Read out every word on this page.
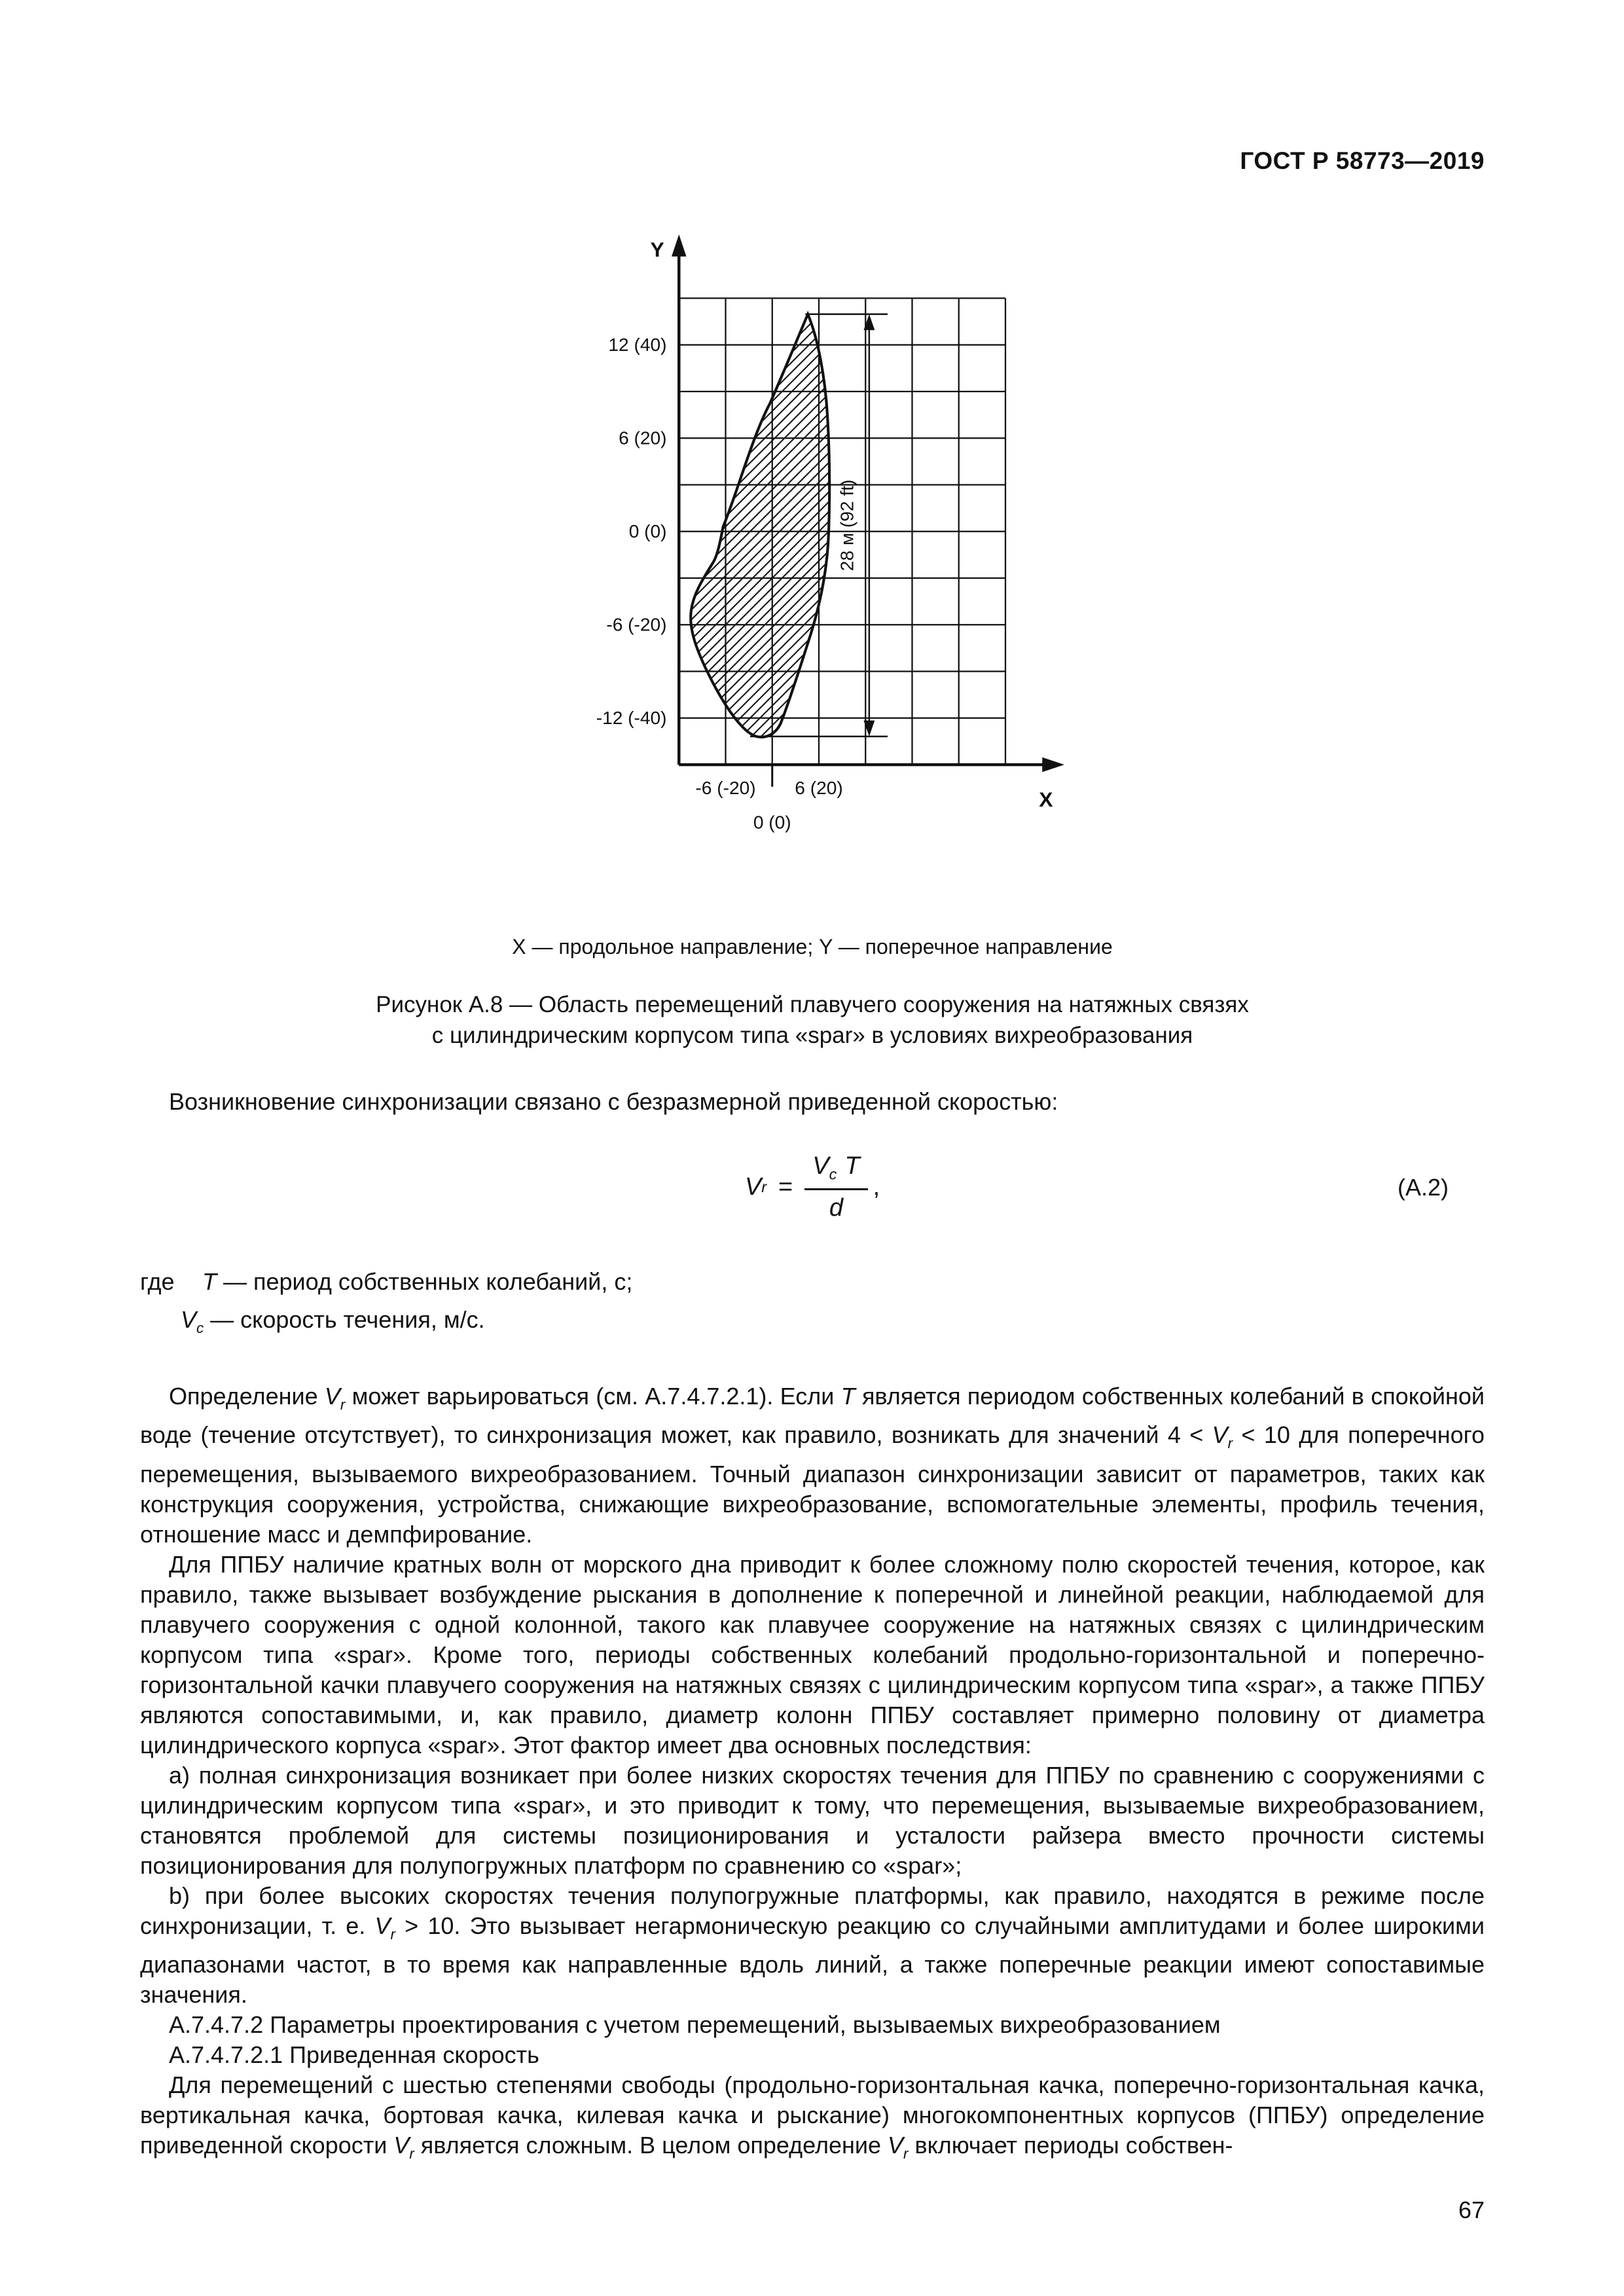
ГОСТ Р 58773—2019
28 м (92 ft)
12 (40)
6 (20)
0 (0)
-6 (-20)
-12 (-40)
-6 (-20)	6 (20)
0 (0)
Y
X
X — продольное направление; Y — поперечное направление
Рисунок А.8 — Область перемещений плавучего сооружения на натяжных связях
с цилиндрическим корпусом типа «spar» в условиях вихреобразования

Возникновение синхронизации связано с безразмерной приведенной скоростью:

V $r = \frac{V_c T}{d}$ ,	(А.2)

где Т — период собственных колебаний, с;

$V_с$ — скорость течения, м/с.

Определение $V_r$ может варьироваться (см. А.7.4.7.2.1). Если Т является периодом собственных колебаний в спокойной воде (течение отсутствует), то синхронизация может, как правило, возникать для значений $4 < V_r < 10$ для поперечного перемещения, вызываемого вихреобразованием. Точный диапазон синхронизации зависит от параметров, таких как конструкция сооружения, устройства, снижающие вихреобразование, вспомогательные элементы, профиль течения, отношение масс и демпфирование.

Для ППБУ наличие кратных волн от морского дна приводит к более сложному полю скоростей течения, которое, как правило, также вызывает возбуждение рыскания в дополнение к поперечной и линейной реакции, наблюдаемой для плавучего сооружения с одной колонной, такого как плавучее сооружение на натяжных связях с цилиндрическим корпусом типа «spar». Кроме того, периоды собственных колебаний продольно-горизонтальной и поперечно-горизонтальной качки плавучего сооружения на натяжных связях с цилиндрическим корпусом типа «spar», а также ППБУ являются сопоставимыми, и, как правило, диаметр колонн ППБУ составляет примерно половину от диаметра цилиндрического корпуса «spar». Этот фактор имеет два основных последствия:

а) полная синхронизация возникает при более низких скоростях течения для ППБУ по сравнению с сооружениями с цилиндрическим корпусом типа «spar», и это приводит к тому, что перемещения, вызываемые вихреобразованием, становятся проблемой для системы позиционирования и усталости райзера вместо прочности системы позиционирования для полупогружных платформ по сравнению со «spar»;

b) при более высоких скоростях течения полупогружные платформы, как правило, находятся в режиме после синхронизации, т. е. $V_r > 10$. Это вызывает негармоническую реакцию со случайными амплитудами и более широкими диапазонами частот, в то время как направленные вдоль линий, а также поперечные реакции имеют сопоставимые значения.

А.7.4.7.2 Параметры проектирования с учетом перемещений, вызываемых вихреобразованием

А.7.4.7.2.1 Приведенная скорость

Для перемещений с шестью степенями свободы (продольно-горизонтальная качка, поперечно-горизонтальная качка, вертикальная качка, бортовая качка, килевая качка и рыскание) многокомпонентных корпусов (ППБУ) определение приведенной скорости $V_r$ является сложным. В целом определение $V_r$ включает периоды собствен-

67
